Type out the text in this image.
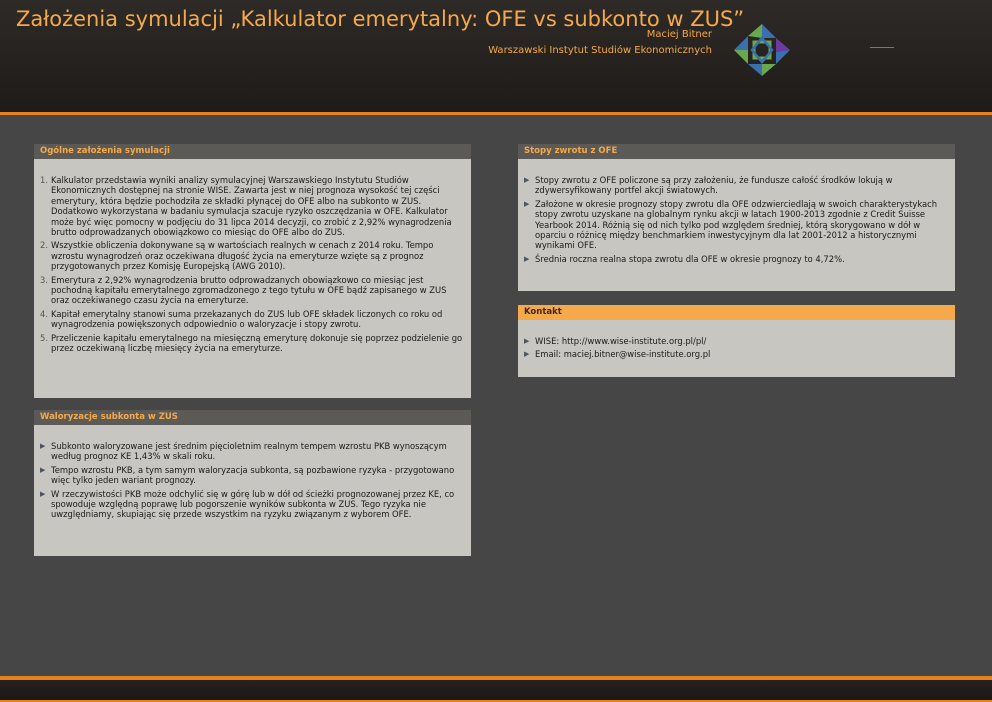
Założenia symulacji „Kalkulator emerytalny: OFE vs subkonto w ZUS”
Maciej Bitner
Warszawski Instytut Studiów Ekonomicznych
Ogólne założenia symulacji
1. Kalkulator przedstawia wyniki analizy symulacyjnej Warszawskiego Instytutu Studiów Ekonomicznych dostępnej na stronie WISE. Zawarta jest w niej prognoza wysokość tej części emerytury, która będzie pochodziła ze składki płynącej do OFE albo na subkonto w ZUS. Dodatkowo wykorzystana w badaniu symulacja szacuje ryzyko oszczędzania w OFE. Kalkulator może być więc pomocny w podjęciu do 31 lipca 2014 decyzji, co zrobić z 2,92% wynagrodzenia brutto odprowadzanych obowiązkowo co miesiąc do OFE albo do ZUS.
2. Wszystkie obliczenia dokonywane są w wartościach realnych w cenach z 2014 roku. Tempo wzrostu wynagrodzeń oraz oczekiwana długość życia na emeryturze wzięte są z prognoz przygotowanych przez Komisję Europejską (AWG 2010).
3. Emerytura z 2,92% wynagrodzenia brutto odprowadzanych obowiązkowo co miesiąc jest pochodną kapitału emerytalnego zgromadzonego z tego tytułu w OFE bądź zapisanego w ZUS oraz oczekiwanego czasu życia na emeryturze.
4. Kapitał emerytalny stanowi suma przekazanych do ZUS lub OFE składek liczonych co roku od wynagrodzenia powiększonych odpowiednio o waloryzacje i stopy zwrotu.
5. Przeliczenie kapitału emerytalnego na miesięczną emeryturę dokonuje się poprzez podzielenie go przez oczekiwaną liczbę miesięcy życia na emeryturze.
Waloryzacje subkonta w ZUS
▶ Subkonto waloryzowane jest średnim pięcioletnim realnym tempem wzrostu PKB wynoszącym według prognoz KE 1,43% w skali roku.
▶ Tempo wzrostu PKB, a tym samym waloryzacja subkonta, są pozbawione ryzyka - przygotowano więc tylko jeden wariant prognozy.
▶ W rzeczywistości PKB może odchylić się w górę lub w dół od ścieżki prognozowanej przez KE, co spowoduje względną poprawę lub pogorszenie wyników subkonta w ZUS. Tego ryzyka nie uwzględniamy, skupiając się przede wszystkim na ryzyku związanym z wyborem OFE.
Stopy zwrotu z OFE
▶ Stopy zwrotu z OFE policzone są przy założeniu, że fundusze całość środków lokują w zdywersyfikowany portfel akcji światowych.
▶ Założone w okresie prognozy stopy zwrotu dla OFE odzwierciedlają w swoich charakterystykach stopy zwrotu uzyskane na globalnym rynku akcji w latach 1900-2013 zgodnie z Credit Suisse Yearbook 2014. Różnią się od nich tylko pod względem średniej, którą skorygowano w dół w oparciu o różnicę między benchmarkiem inwestycyjnym dla lat 2001-2012 a historycznymi wynikami OFE.
▶ Średnia roczna realna stopa zwrotu dla OFE w okresie prognozy to 4,72%.
Kontakt
▶ WISE: http://www.wise-institute.org.pl/pl/
▶ Email: maciej.bitner@wise-institute.org.pl
